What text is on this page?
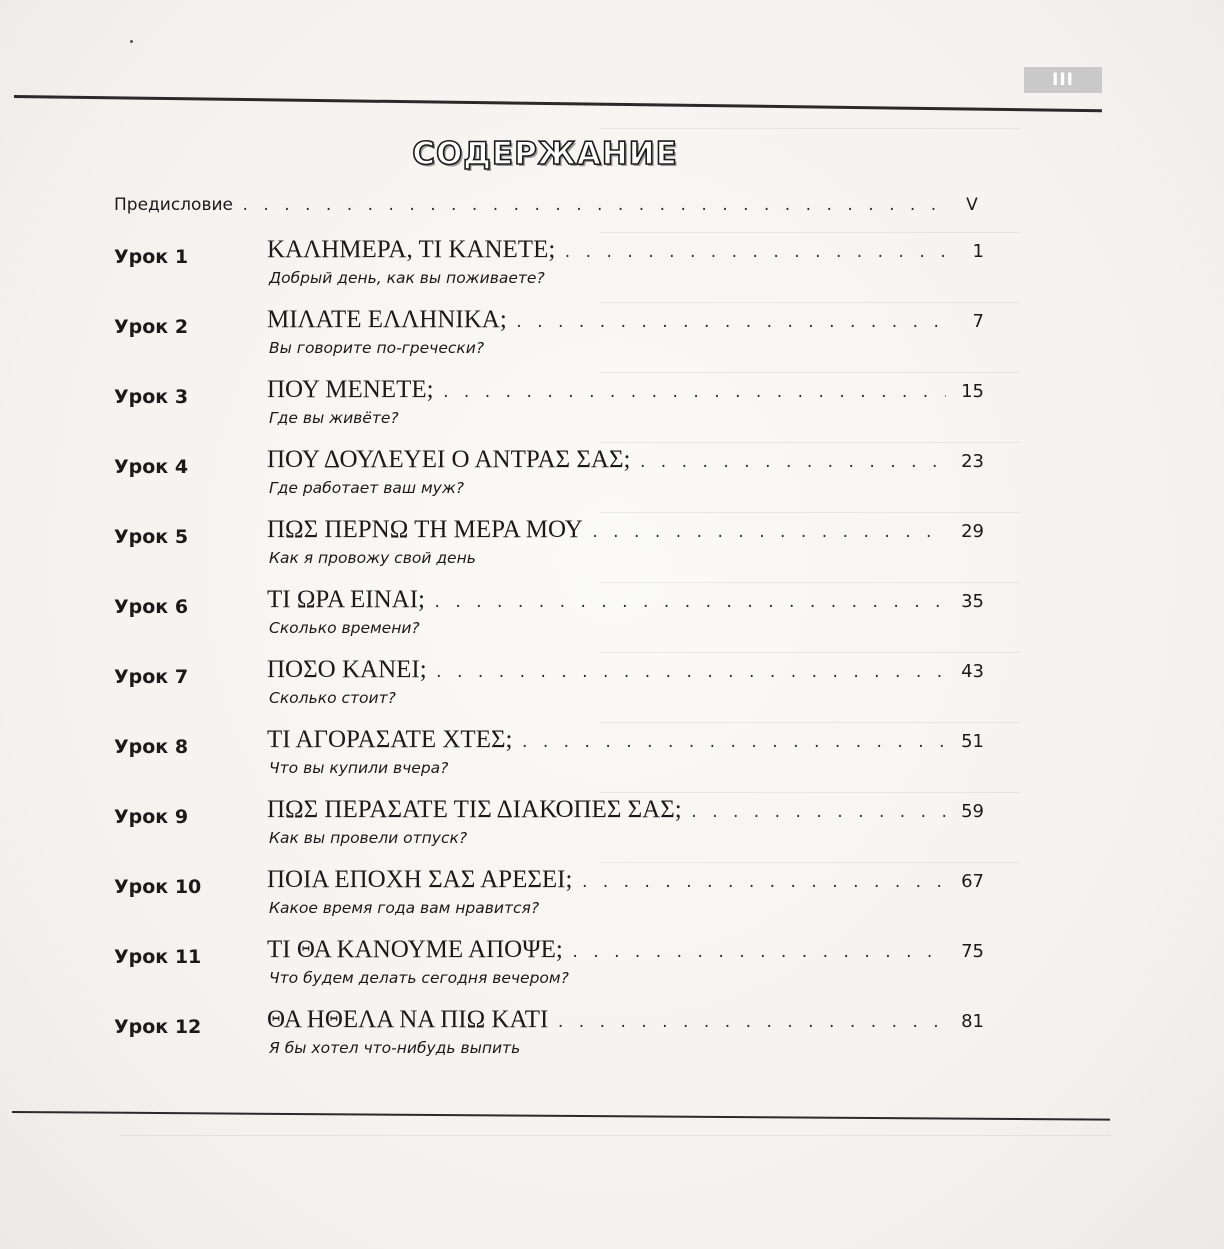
III
СОДЕРЖАНИЕ
Предисловие . . .	V
Урок 1	ΚΑΛΗΜΕΡΑ, ΤΙ ΚΑΝΕΤΕ; . . .	1
Добрый день, как вы поживаете?
Урок 2	ΜΙΛΑΤΕ ΕΛΛΗΝΙΚΑ; . . .	7
Вы говорите по-гречески?
Урок 3	ΠΟΥ ΜΕΝΕΤΕ; . . .	15
Где вы живёте?
Урок 4	ΠΟΥ ΔΟΥΛΕΥΕΙ Ο ΑΝΤΡΑΣ ΣΑΣ; . . .	23
Где работает ваш муж?
Урок 5	ΠΩΣ ΠΕΡΝΩ ΤΗ ΜΕΡΑ ΜΟΥ . . .	29
Как я провожу свой день
Урок 6	ΤΙ ΩΡΑ ΕΙΝΑΙ; . . .	35
Сколько времени?
Урок 7	ΠΟΣΟ ΚΑΝΕΙ; . . .	43
Сколько стоит?
Урок 8	ΤΙ ΑΓΟΡΑΣΑΤΕ ΧΤΕΣ; . . .	51
Что вы купили вчера?
Урок 9	ΠΩΣ ΠΕΡΑΣΑΤΕ ΤΙΣ ΔΙΑΚΟΠΕΣ ΣΑΣ; . . .	59
Как вы провели отпуск?
Урок 10	ΠΟΙΑ ΕΠΟΧΗ ΣΑΣ ΑΡΕΣΕΙ; . . .	67
Какое время года вам нравится?
Урок 11	ΤΙ ΘΑ ΚΑΝΟΥΜΕ ΑΠΟΨΕ; . . .	75
Что будем делать сегодня вечером?
Урок 12	ΘΑ ΗΘΕΛΑ ΝΑ ΠΙΩ ΚΑΤΙ . . .	81
Я бы хотел что-нибудь выпить
